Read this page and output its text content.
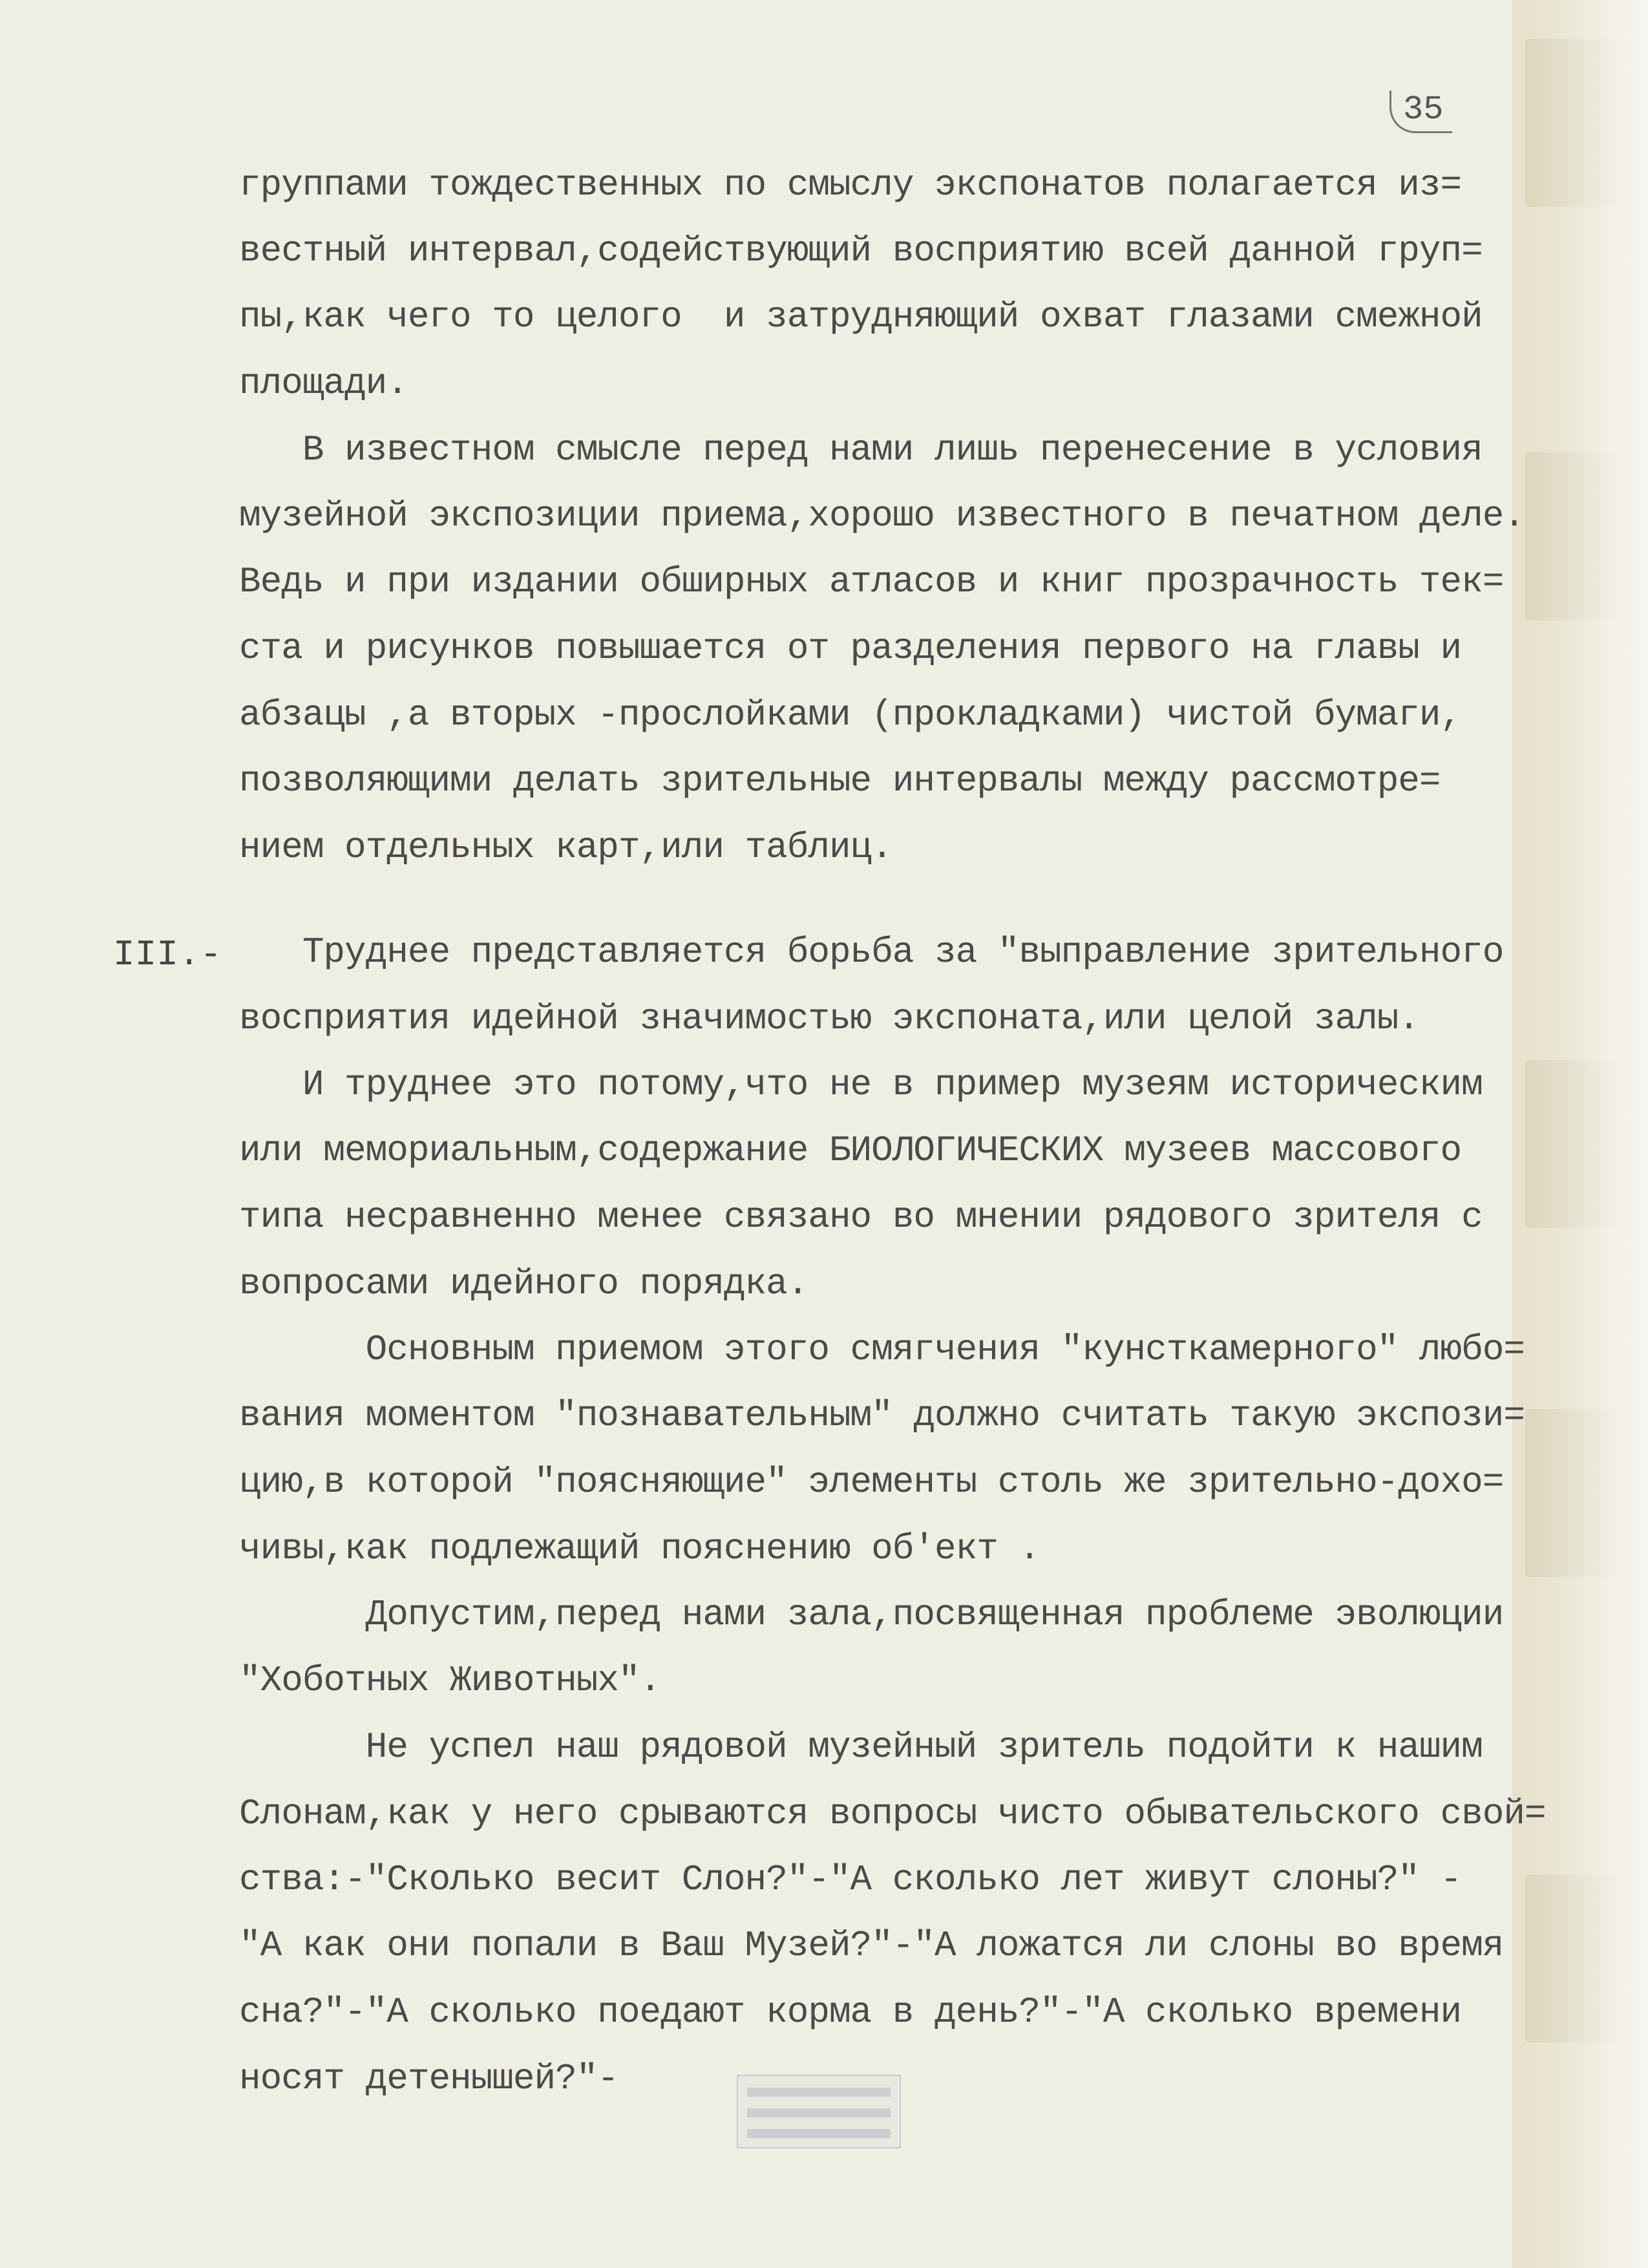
35
III.-
группами тождественных по смыслу экспонатов полагается из=
вестный интервал,содействующий восприятию всей данной груп=
пы,как чего то целого  и затрудняющий охват глазами смежной
площади.
В известном смысле перед нами лишь перенесение в условия
музейной экспозиции приема,хорошо известного в печатном деле.
Ведь и при издании обширных атласов и книг прозрачность тек=
ста и рисунков повышается от разделения первого на главы и
абзацы ,а вторых -прослойками (прокладками) чистой бумаги,
позволяющими делать зрительные интервалы между рассмотре=
нием отдельных карт,или таблиц.
Труднее представляется борьба за "выправление зрительного
восприятия идейной значимостью экспоната,или целой залы.
И труднее это потому,что не в пример музеям историческим
или мемориальным,содержание БИОЛОГИЧЕСКИХ музеев массового
типа несравненно менее связано во мнении рядового зрителя с
вопросами идейного порядка.
Основным приемом этого смягчения "кунсткамерного" любо=
вания моментом "познавательным" должно считать такую экспози=
цию,в которой "поясняющие" элементы столь же зрительно-дохо=
чивы,как подлежащий пояснению об'ект .
Допустим,перед нами зала,посвященная проблеме эволюции
"Хоботных Животных".
Не успел наш рядовой музейный зритель подойти к нашим
Слонам,как у него срываются вопросы чисто обывательского свой=
ства:-"Сколько весит Слон?"-"А сколько лет живут слоны?" -
"А как они попали в Ваш Музей?"-"А ложатся ли слоны во время
сна?"-"А сколько поедают корма в день?"-"А сколько времени
носят детенышей?"-
